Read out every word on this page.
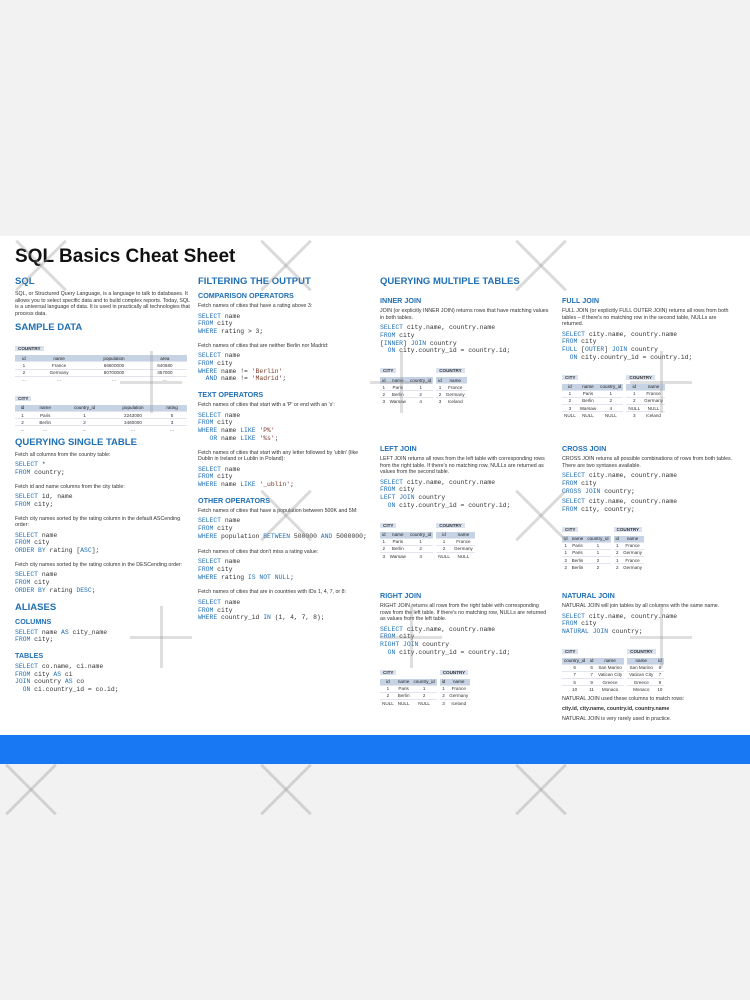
SQL Basics Cheat Sheet
SQL
SQL, or Structured Query Language, is a language to talk to databases. It allows you to select specific data and to build complex reports. Today, SQL is a universal language of data. It is used in practically all technologies that process data.
SAMPLE DATA
COUNTRY
id	name	population	area
1	France	66600000	640680
2	Germany	80700000	357000
...	...	...	...
CITY
id	name	country_id	population	rating
1	Paris	1	2243000	5
2	Berlin	2	3460000	3
...	...	...	...	...
QUERYING SINGLE TABLE
Fetch all columns from the country table:
SELECT *
FROM country;
Fetch id and name columns from the city table:
SELECT id, name
FROM city;
Fetch city names sorted by the rating column in the default ASCending order:
SELECT name
FROM city
ORDER BY rating [ASC];
Fetch city names sorted by the rating column in the DESCending order:
SELECT name
FROM city
ORDER BY rating DESC;
ALIASES
COLUMNS
SELECT name AS city_name
FROM city;
TABLES
SELECT co.name, ci.name
FROM city AS ci
JOIN country AS co
ON ci.country_id = co.id;
FILTERING THE OUTPUT
COMPARISON OPERATORS
Fetch names of cities that have a rating above 3:
SELECT name
FROM city
WHERE rating > 3;
Fetch names of cities that are neither Berlin nor Madrid:
SELECT name
FROM city
WHERE name != 'Berlin'
AND name != 'Madrid';
TEXT OPERATORS
Fetch names of cities that start with a 'P' or end with an 's':
SELECT name
FROM city
WHERE name LIKE 'P%'
OR name LIKE '%s';
Fetch names of cities that start with any letter followed by 'ublin' (like Dublin in Ireland or Lublin in Poland):
SELECT name
FROM city
WHERE name LIKE '_ublin';
OTHER OPERATORS
Fetch names of cities that have a population between 500K and 5M:
SELECT name
FROM city
WHERE population BETWEEN 500000 AND 5000000;
Fetch names of cities that don't miss a rating value:
SELECT name
FROM city
WHERE rating IS NOT NULL;
Fetch names of cities that are in countries with IDs 1, 4, 7, or 8:
SELECT name
FROM city
WHERE country_id IN (1, 4, 7, 8);
QUERYING MULTIPLE TABLES
INNER JOIN
JOIN (or explicitly INNER JOIN) returns rows that have matching values in both tables.
SELECT city.name, country.name
FROM city
[INNER] JOIN country
ON city.country_id = country.id;
CITY
id	name	country_id
1	Paris	1
2	Berlin	2
3	Warsaw	4
COUNTRY
id	name
1	France
2	Germany
3	Iceland
LEFT JOIN
LEFT JOIN returns all rows from the left table with corresponding rows from the right table. If there's no matching row, NULLs are returned as values from the second table.
SELECT city.name, country.name
FROM city
LEFT JOIN country
ON city.country_id = country.id;
CITY
id	name	country_id
1	Paris	1
2	Berlin	2
3	Warsaw	4
COUNTRY
id	name
1	France
2	Germany
NULL	NULL
RIGHT JOIN
RIGHT JOIN returns all rows from the right table with corresponding rows from the left table. If there's no matching row, NULLs are returned as values from the left table.
SELECT city.name, country.name
FROM city
RIGHT JOIN country
ON city.country_id = country.id;
CITY
id	name	country_id
1	Paris	1
2	Berlin	2
NULL	NULL	NULL
COUNTRY
id	name
1	France
2	Germany
3	Iceland
FULL JOIN
FULL JOIN (or explicitly FULL OUTER JOIN) returns all rows from both tables – if there's no matching row in the second table, NULLs are returned.
SELECT city.name, country.name
FROM city
FULL [OUTER] JOIN country
ON city.country_id = country.id;
CITY
id	name	country_id
1	Paris	1
2	Berlin	2
3	Warsaw	4
NULL	NULL	NULL
COUNTRY
id	name
1	France
2	Germany
NULL	NULL
3	Iceland
CROSS JOIN
CROSS JOIN returns all possible combinations of rows from both tables. There are two syntaxes available.
SELECT city.name, country.name
FROM city
CROSS JOIN country;
SELECT city.name, country.name
FROM city, country;
CITY
id	name	country_id
1	Paris	1
1	Paris	1
2	Berlin	2
2	Berlin	2
COUNTRY
id	name
1	France
2	Germany
1	France
2	Germany
NATURAL JOIN
NATURAL JOIN will join tables by all columns with the same name.
SELECT city.name, country.name
FROM city
NATURAL JOIN country;
CITY
country_id	id	name
6	6	San Marino
7	7	Vatican City
5	9	Greece
10	11	Monaco
COUNTRY
name	id
San Marino	6
Vatican City	7
Greece	9
Monaco	10
NATURAL JOIN used these columns to match rows:
city.id, city.name, country.id, country.name
NATURAL JOIN is very rarely used in practice.
